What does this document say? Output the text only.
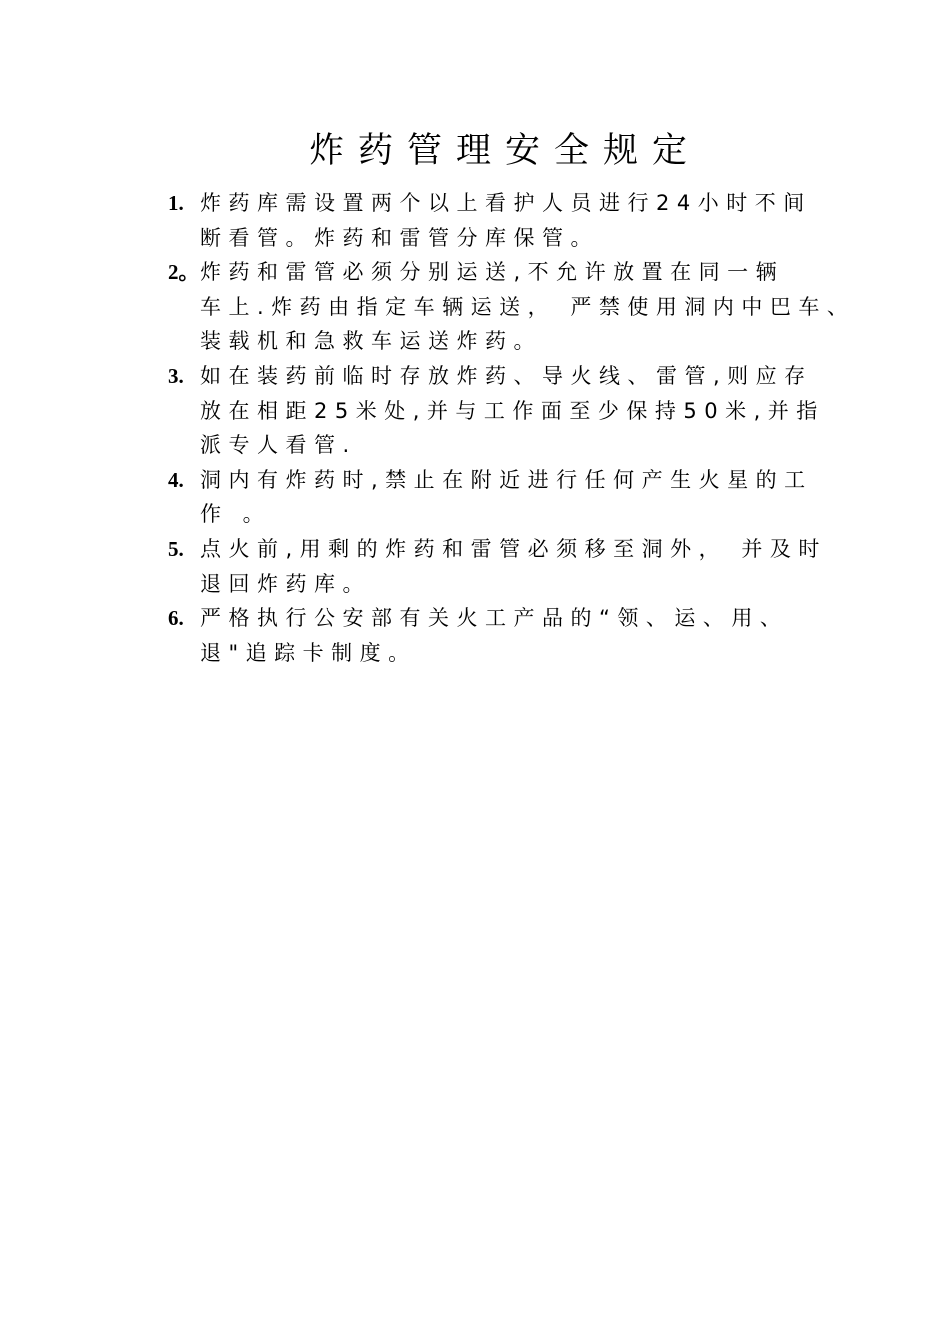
炸药管理安全规定
1. 炸药库需设置两个以上看护人员进行24小时不间
断看管。炸药和雷管分库保管。
2。 炸药和雷管必须分别运送,不允许放置在同一辆
车上.炸药由指定车辆运送， 严禁使用洞内中巴车、
装载机和急救车运送炸药。
3. 如在装药前临时存放炸药、导火线、雷管,则应存
放在相距25米处,并与工作面至少保持50米,并指
派专人看管.
4. 洞内有炸药时,禁止在附近进行任何产生火星的工
作 。
5. 点火前,用剩的炸药和雷管必须移至洞外， 并及时
退回炸药库。
6. 严格执行公安部有关火工产品的“领、运、用、
退"追踪卡制度。
